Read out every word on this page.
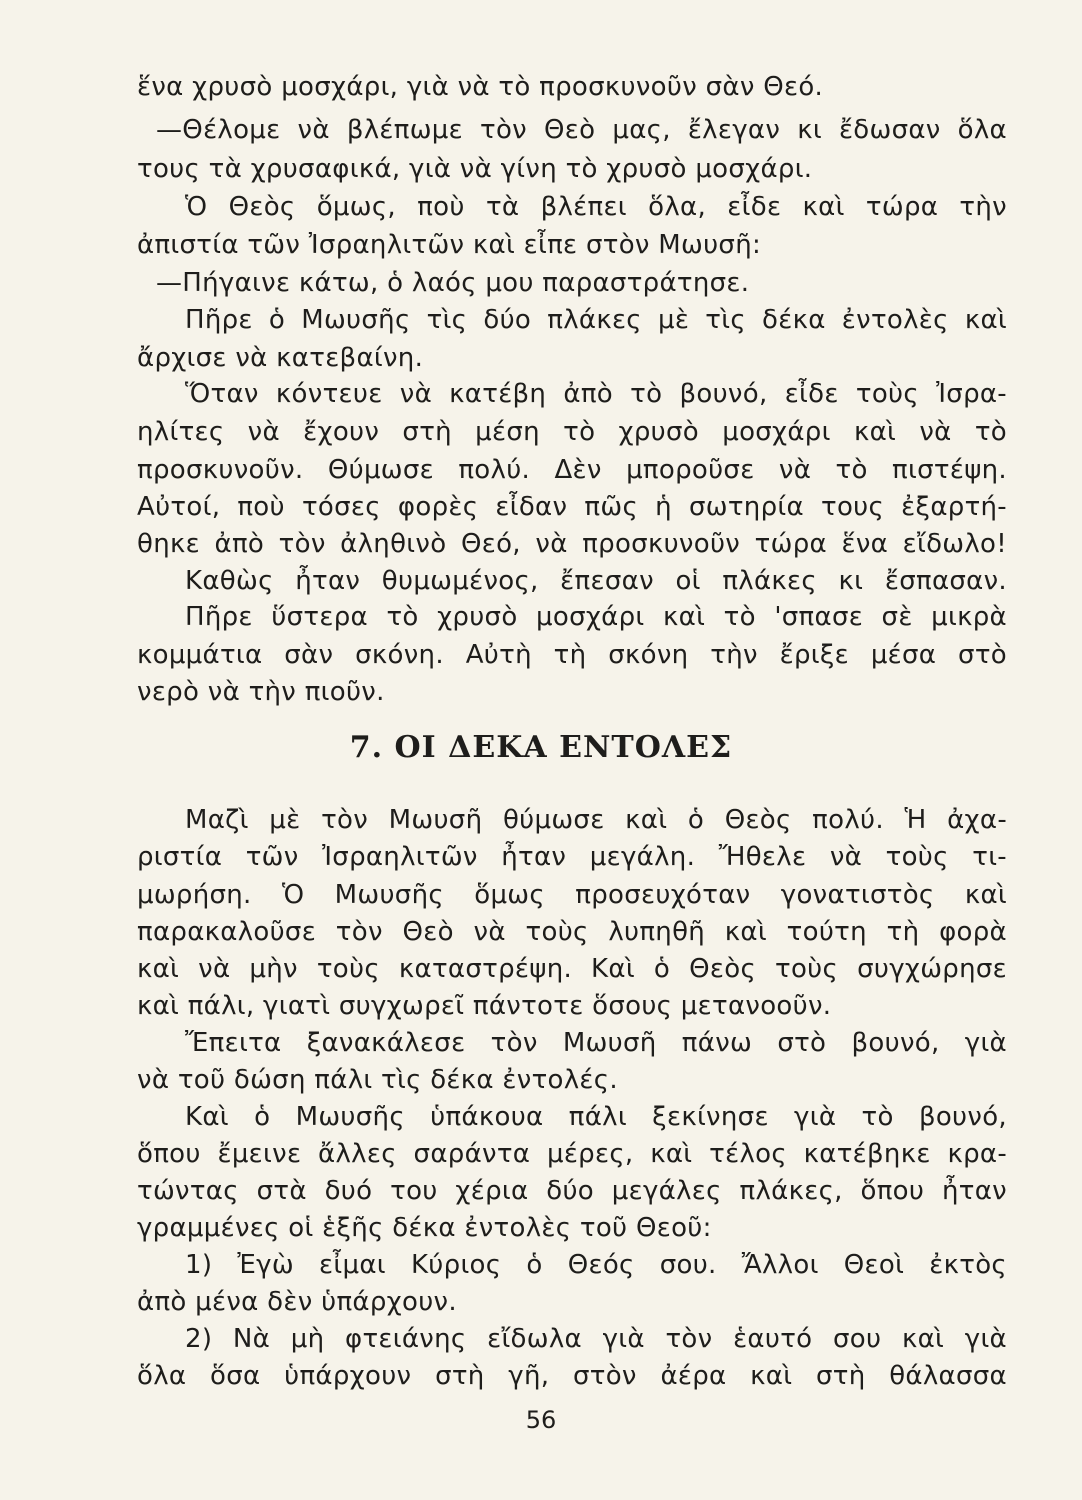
ἕνα χρυσὸ μοσχάρι, γιὰ νὰ τὸ προσκυνοῦν σὰν Θεό.
—Θέλομε νὰ βλέπωμε τὸν Θεὸ μας, ἔλεγαν κι ἔδωσαν ὅλα
τους τὰ χρυσαφικά, γιὰ νὰ γίνη τὸ χρυσὸ μοσχάρι.
Ὁ Θεὸς ὅμως, ποὺ τὰ βλέπει ὅλα, εἶδε καὶ τώρα τὴν
ἀπιστία τῶν Ἰσραηλιτῶν καὶ εἶπε στὸν Μωυσῆ:
—Πήγαινε κάτω, ὁ λαός μου παραστράτησε.
Πῆρε ὁ Μωυσῆς τὶς δύο πλάκες μὲ τὶς δέκα ἐντολὲς καὶ
ἄρχισε νὰ κατεβαίνη.
Ὅταν κόντευε νὰ κατέβη ἀπὸ τὸ βουνό, εἶδε τοὺς Ἰσρα-
ηλίτες νὰ ἔχουν στὴ μέση τὸ χρυσὸ μοσχάρι καὶ νὰ τὸ
προσκυνοῦν. Θύμωσε πολύ. Δὲν μποροῦσε νὰ τὸ πιστέψη.
Αὐτοί, ποὺ τόσες φορὲς εἶδαν πῶς ἡ σωτηρία τους ἐξαρτή-
θηκε ἀπὸ τὸν ἀληθινὸ Θεό, νὰ προσκυνοῦν τώρα ἕνα εἴδωλο!
Καθὼς ἦταν θυμωμένος, ἔπεσαν οἱ πλάκες κι ἔσπασαν.
Πῆρε ὕστερα τὸ χρυσὸ μοσχάρι καὶ τὸ 'σπασε σὲ μικρὰ
κομμάτια σὰν σκόνη. Αὐτὴ τὴ σκόνη τὴν ἔριξε μέσα στὸ
νερὸ νὰ τὴν πιοῦν.
7. ΟΙ ΔΕΚΑ ΕΝΤΟΛΕΣ
Μαζὶ μὲ τὸν Μωυσῆ θύμωσε καὶ ὁ Θεὸς πολύ. Ἡ ἀχα-
ριστία τῶν Ἰσραηλιτῶν ἦταν μεγάλη. Ἤθελε νὰ τοὺς τι-
μωρήση. Ὁ Μωυσῆς ὅμως προσευχόταν γονατιστὸς καὶ
παρακαλοῦσε τὸν Θεὸ νὰ τοὺς λυπηθῆ καὶ τούτη τὴ φορὰ
καὶ νὰ μὴν τοὺς καταστρέψη. Καὶ ὁ Θεὸς τοὺς συγχώρησε
καὶ πάλι, γιατὶ συγχωρεῖ πάντοτε ὅσους μετανοοῦν.
Ἔπειτα ξανακάλεσε τὸν Μωυσῆ πάνω στὸ βουνό, γιὰ
νὰ τοῦ δώση πάλι τὶς δέκα ἐντολές.
Καὶ ὁ Μωυσῆς ὑπάκουα πάλι ξεκίνησε γιὰ τὸ βουνό,
ὅπου ἔμεινε ἄλλες σαράντα μέρες, καὶ τέλος κατέβηκε κρα-
τώντας στὰ δυό του χέρια δύο μεγάλες πλάκες, ὅπου ἦταν
γραμμένες οἱ ἑξῆς δέκα ἐντολὲς τοῦ Θεοῦ:
1) Ἐγὼ εἶμαι Κύριος ὁ Θεός σου. Ἄλλοι Θεοὶ ἐκτὸς
ἀπὸ μένα δὲν ὑπάρχουν.
2) Νὰ μὴ φτειάνης εἴδωλα γιὰ τὸν ἑαυτό σου καὶ γιὰ
ὅλα ὅσα ὑπάρχουν στὴ γῆ, στὸν ἀέρα καὶ στὴ θάλασσα
56
